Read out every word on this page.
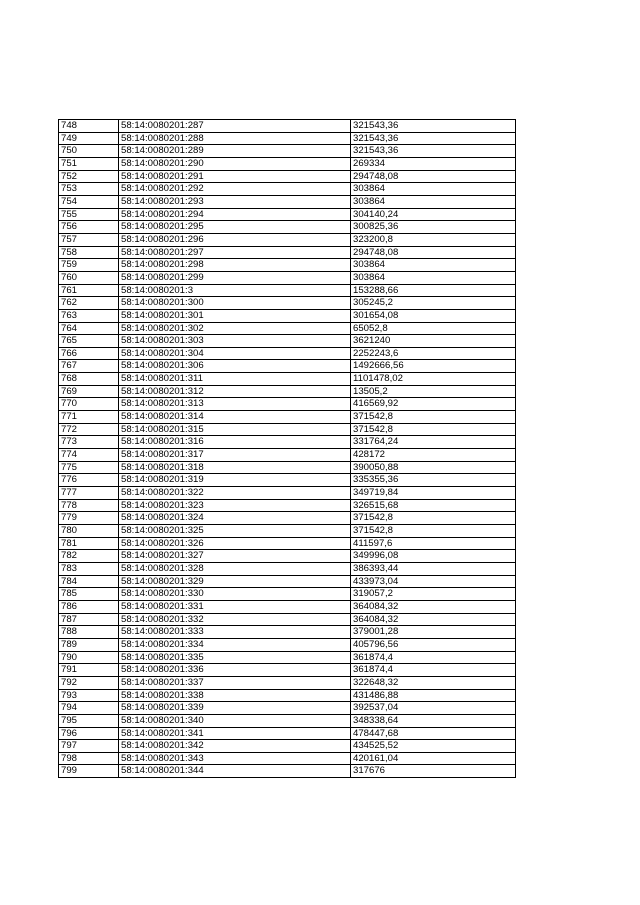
748	58:14:0080201:287	321543,36
749	58:14:0080201:288	321543,36
750	58:14:0080201:289	321543,36
751	58:14:0080201:290	269334
752	58:14:0080201:291	294748,08
753	58:14:0080201:292	303864
754	58:14:0080201:293	303864
755	58:14:0080201:294	304140,24
756	58:14:0080201:295	300825,36
757	58:14:0080201:296	323200,8
758	58:14:0080201:297	294748,08
759	58:14:0080201:298	303864
760	58:14:0080201:299	303864
761	58:14:0080201:3	153288,66
762	58:14:0080201:300	305245,2
763	58:14:0080201:301	301654,08
764	58:14:0080201:302	65052,8
765	58:14:0080201:303	3621240
766	58:14:0080201:304	2252243,6
767	58:14:0080201:306	1492666,56
768	58:14:0080201:311	1101478,02
769	58:14:0080201:312	13505,2
770	58:14:0080201:313	416569,92
771	58:14:0080201:314	371542,8
772	58:14:0080201:315	371542,8
773	58:14:0080201:316	331764,24
774	58:14:0080201:317	428172
775	58:14:0080201:318	390050,88
776	58:14:0080201:319	335355,36
777	58:14:0080201:322	349719,84
778	58:14:0080201:323	326515,68
779	58:14:0080201:324	371542,8
780	58:14:0080201:325	371542,8
781	58:14:0080201:326	411597,6
782	58:14:0080201:327	349996,08
783	58:14:0080201:328	386393,44
784	58:14:0080201:329	433973,04
785	58:14:0080201:330	319057,2
786	58:14:0080201:331	364084,32
787	58:14:0080201:332	364084,32
788	58:14:0080201:333	379001,28
789	58:14:0080201:334	405796,56
790	58:14:0080201:335	361874,4
791	58:14:0080201:336	361874,4
792	58:14:0080201:337	322648,32
793	58:14:0080201:338	431486,88
794	58:14:0080201:339	392537,04
795	58:14:0080201:340	348338,64
796	58:14:0080201:341	478447,68
797	58:14:0080201:342	434525,52
798	58:14:0080201:343	420161,04
799	58:14:0080201:344	317676
